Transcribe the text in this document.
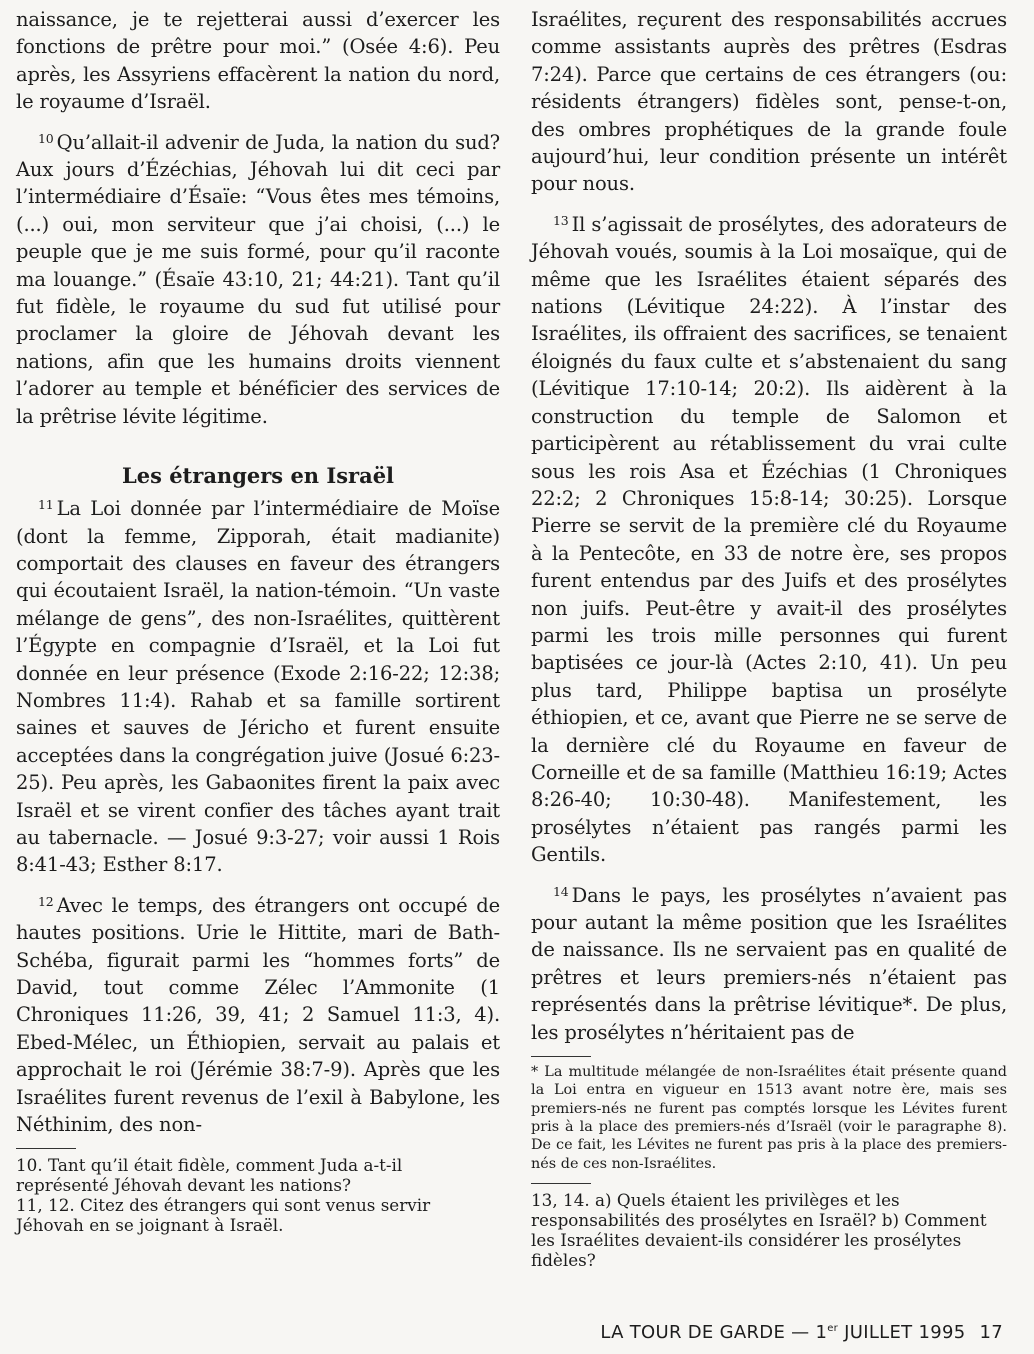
naissance, je te rejetterai aussi d’exercer les fonctions de prêtre pour moi.” (Osée 4:6). Peu après, les Assyriens effacèrent la nation du nord, le royaume d’Israël.

$^{10}$ Qu’allait-il advenir de Juda, la nation du sud? Aux jours d’Ézéchias, Jéhovah lui dit ceci par l’intermédiaire d’Ésaïe: “Vous êtes mes témoins, (...) oui, mon serviteur que j’ai choisi, (...) le peuple que je me suis formé, pour qu’il raconte ma louange.” (Ésaïe 43:10, 21; 44:21). Tant qu’il fut fidèle, le royaume du sud fut utilisé pour proclamer la gloire de Jéhovah devant les nations, afin que les humains droits viennent l’adorer au temple et bénéficier des services de la prêtrise lévite légitime.

Les étrangers en Israël

$^{11}$ La Loi donnée par l’intermédiaire de Moïse (dont la femme, Zipporah, était madianite) comportait des clauses en faveur des étrangers qui écoutaient Israël, la nation-témoin. “Un vaste mélange de gens”, des non-Israélites, quittèrent l’Égypte en compagnie d’Israël, et la Loi fut donnée en leur présence (Exode 2:16-22; 12:38; Nombres 11:4). Rahab et sa famille sortirent saines et sauves de Jéricho et furent ensuite acceptées dans la congrégation juive (Josué 6:23-25). Peu après, les Gabaonites firent la paix avec Israël et se virent confier des tâches ayant trait au tabernacle. — Josué 9:3-27; voir aussi 1 Rois 8:41-43; Esther 8:17.

$^{12}$ Avec le temps, des étrangers ont occupé de hautes positions. Urie le Hittite, mari de Bath-Schéba, figurait parmi les “hommes forts” de David, tout comme Zélec l’Ammonite (1 Chroniques 11:26, 39, 41; 2 Samuel 11:3, 4). Ebed-Mélec, un Éthiopien, servait au palais et approchait le roi (Jérémie 38:7-9). Après que les Israélites furent revenus de l’exil à Babylone, les Néthinim, des non-

10. Tant qu’il était fidèle, comment Juda a-t-il représenté Jéhovah devant les nations?

11, 12. Citez des étrangers qui sont venus servir Jéhovah en se joignant à Israël.

Israélites, reçurent des responsabilités accrues comme assistants auprès des prêtres (Esdras 7:24). Parce que certains de ces étrangers (ou: résidents étrangers) fidèles sont, pense-t-on, des ombres prophétiques de la grande foule aujourd’hui, leur condition présente un intérêt pour nous.

$^{13}$ Il s’agissait de prosélytes, des adorateurs de Jéhovah voués, soumis à la Loi mosaïque, qui de même que les Israélites étaient séparés des nations (Lévitique 24:22). À l’instar des Israélites, ils offraient des sacrifices, se tenaient éloignés du faux culte et s’abstenaient du sang (Lévitique 17:10-14; 20:2). Ils aidèrent à la construction du temple de Salomon et participèrent au rétablissement du vrai culte sous les rois Asa et Ézéchias (1 Chroniques 22:2; 2 Chroniques 15:8-14; 30:25). Lorsque Pierre se servit de la première clé du Royaume à la Pentecôte, en 33 de notre ère, ses propos furent entendus par des Juifs et des prosélytes non juifs. Peut-être y avait-il des prosélytes parmi les trois mille personnes qui furent baptisées ce jour-là (Actes 2:10, 41). Un peu plus tard, Philippe baptisa un prosélyte éthiopien, et ce, avant que Pierre ne se serve de la dernière clé du Royaume en faveur de Corneille et de sa famille (Matthieu 16:19; Actes 8:26-40; 10:30-48). Manifestement, les prosélytes n’étaient pas rangés parmi les Gentils.

$^{14}$ Dans le pays, les prosélytes n’avaient pas pour autant la même position que les Israélites de naissance. Ils ne servaient pas en qualité de prêtres et leurs premiers-nés n’étaient pas représentés dans la prêtrise lévitique*. De plus, les prosélytes n’héritaient pas de

* La multitude mélangée de non-Israélites était présente quand la Loi entra en vigueur en 1513 avant notre ère, mais ses premiers-nés ne furent pas comptés lorsque les Lévites furent pris à la place des premiers-nés d’Israël (voir le paragraphe 8). De ce fait, les Lévites ne furent pas pris à la place des premiers-nés de ces non-Israélites.

13, 14. a) Quels étaient les privilèges et les responsabilités des prosélytes en Israël? b) Comment les Israélites devaient-ils considérer les prosélytes fidèles?

LA TOUR DE GARDE — 1er JUILLET 1995 17
